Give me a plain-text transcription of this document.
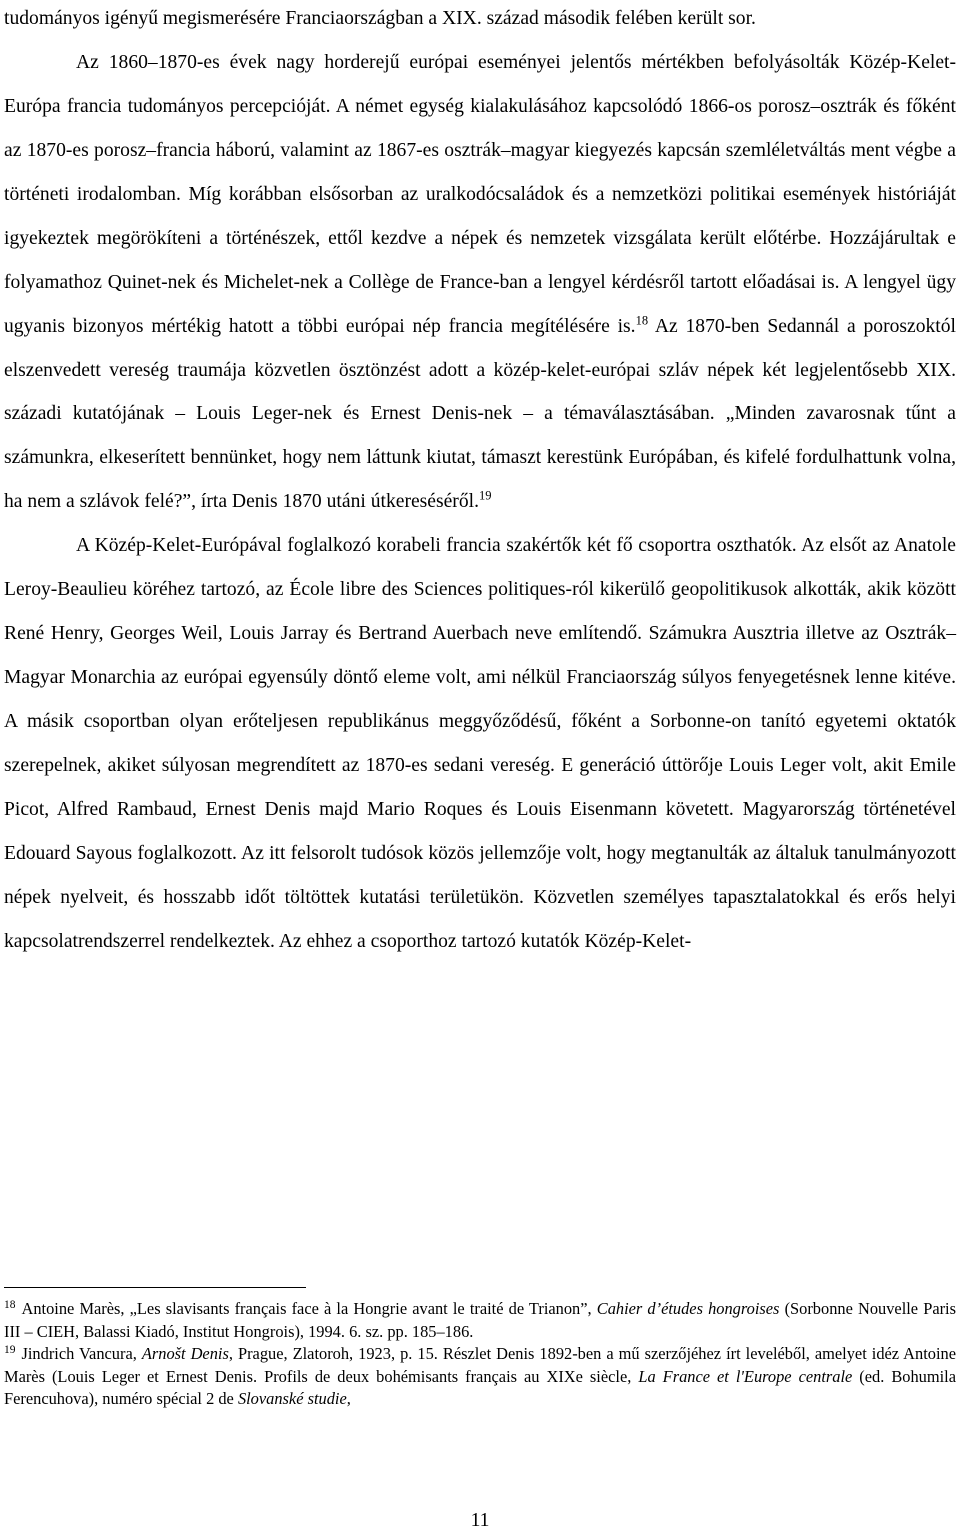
tudományos igényű megismerésére Franciaországban a XIX. század második felében került sor.

Az 1860–1870-es évek nagy horderejű európai eseményei jelentős mértékben befolyásolták Közép-Kelet-Európa francia tudományos percepcióját. A német egység kialakulásához kapcsolódó 1866-os porosz–osztrák és főként az 1870-es porosz–francia háború, valamint az 1867-es osztrák–magyar kiegyezés kapcsán szemléletváltás ment végbe a történeti irodalomban. Míg korábban elsősorban az uralkodócsaládok és a nemzetközi politikai események históriáját igyekeztek megörökíteni a történészek, ettől kezdve a népek és nemzetek vizsgálata került előtérbe. Hozzájárultak e folyamathoz Quinet-nek és Michelet-nek a Collège de France-ban a lengyel kérdésről tartott előadásai is. A lengyel ügy ugyanis bizonyos mértékig hatott a többi európai nép francia megítélésére is.$^{18}$ Az 1870-ben Sedannál a poroszoktól elszenvedett vereség traumája közvetlen ösztönzést adott a közép-kelet-európai szláv népek két legjelentősebb XIX. századi kutatójának – Louis Leger-nek és Ernest Denis-nek – a témaválasztásában. „Minden zavarosnak tűnt a számunkra, elkeserített bennünket, hogy nem láttunk kiutat, támaszt kerestünk Európában, és kifelé fordulhattunk volna, ha nem a szlávok felé?”, írta Denis 1870 utáni útkereséséről.$^{19}$

A Közép-Kelet-Európával foglalkozó korabeli francia szakértők két fő csoportra oszthatók. Az elsőt az Anatole Leroy-Beaulieu köréhez tartozó, az École libre des Sciences politiques-ról kikerülő geopolitikusok alkották, akik között René Henry, Georges Weil, Louis Jarray és Bertrand Auerbach neve említendő. Számukra Ausztria illetve az Osztrák–Magyar Monarchia az európai egyensúly döntő eleme volt, ami nélkül Franciaország súlyos fenyegetésnek lenne kitéve. A másik csoportban olyan erőteljesen republikánus meggyőződésű, főként a Sorbonne-on tanító egyetemi oktatók szerepelnek, akiket súlyosan megrendített az 1870-es sedani vereség. E generáció úttörője Louis Leger volt, akit Emile Picot, Alfred Rambaud, Ernest Denis majd Mario Roques és Louis Eisenmann követett. Magyarország történetével Edouard Sayous foglalkozott. Az itt felsorolt tudósok közös jellemzője volt, hogy megtanulták az általuk tanulmányozott népek nyelveit, és hosszabb időt töltöttek kutatási területükön. Közvetlen személyes tapasztalatokkal és erős helyi kapcsolatrendszerrel rendelkeztek. Az ehhez a csoporthoz tartozó kutatók Közép-Kelet-

$^{18}$ Antoine Marès, „Les slavisants français face à la Hongrie avant le traité de Trianon”, Cahier d’études hongroises (Sorbonne Nouvelle Paris III – CIEH, Balassi Kiadó, Institut Hongrois), 1994. 6. sz. pp. 185–186.

$^{19}$ Jindrich Vancura, Arnošt Denis, Prague, Zlatoroh, 1923, p. 15. Részlet Denis 1892-ben a mű szerzőjéhez írt leveléből, amelyet idéz Antoine Marès (Louis Leger et Ernest Denis. Profils de deux bohémisants français au XIXe siècle, La France et l'Europe centrale (ed. Bohumila Ferencuhova), numéro spécial 2 de Slovanské studie,

11
